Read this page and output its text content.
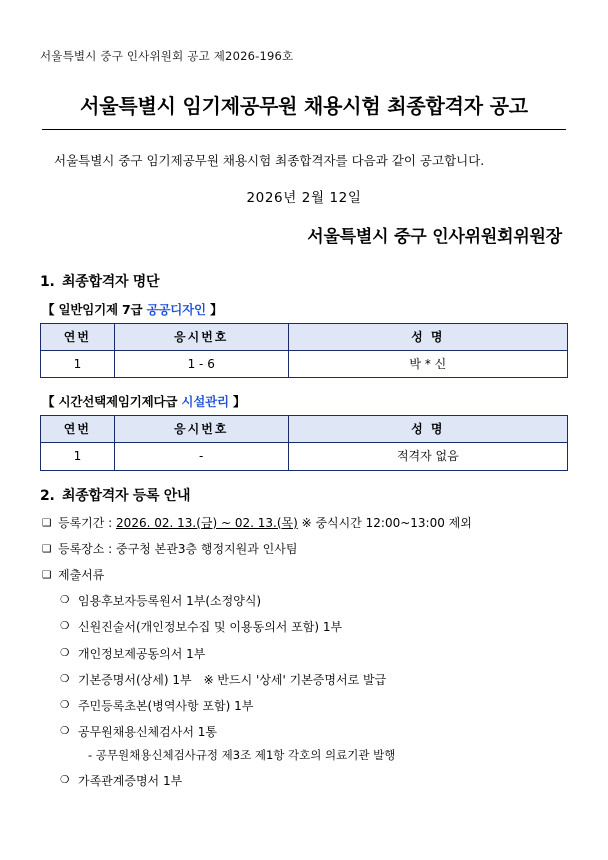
서울특별시 중구 인사위원회 공고 제2026-196호
서울특별시 임기제공무원 채용시험 최종합격자 공고

서울특별시 중구 임기제공무원 채용시험 최종합격자를 다음과 같이 공고합니다.

2026년 2월 12일
서울특별시 중구 인사위원회위원장
1. 최종합격자 명단
【 일반임기제 7급 공공디자인 】
연번	응시번호	성 명
1	1 - 6	박 * 신
【 시간선택제임기제다급 시설관리 】
연번	응시번호	성 명
1	-	적격자 없음
2. 최종합격자 등록 안내
❑ 등록기간 : 2026. 02. 13.(금) ~ 02. 13.(목) ※ 중식시간 12:00~13:00 제외
❑ 등록장소 : 중구청 본관3층 행정지원과 인사팀
❑ 제출서류
❍ 임용후보자등록원서 1부(소정양식)
❍ 신원진술서(개인정보수집 및 이용동의서 포함) 1부
❍ 개인정보제공동의서 1부
❍ 기본증명서(상세) 1부 ※ 반드시 '상세' 기본증명서로 발급
❍ 주민등록초본(병역사항 포함) 1부
❍ 공무원채용신체검사서 1통
- 공무원채용신체검사규정 제3조 제1항 각호의 의료기관 발행
❍ 가족관계증명서 1부
